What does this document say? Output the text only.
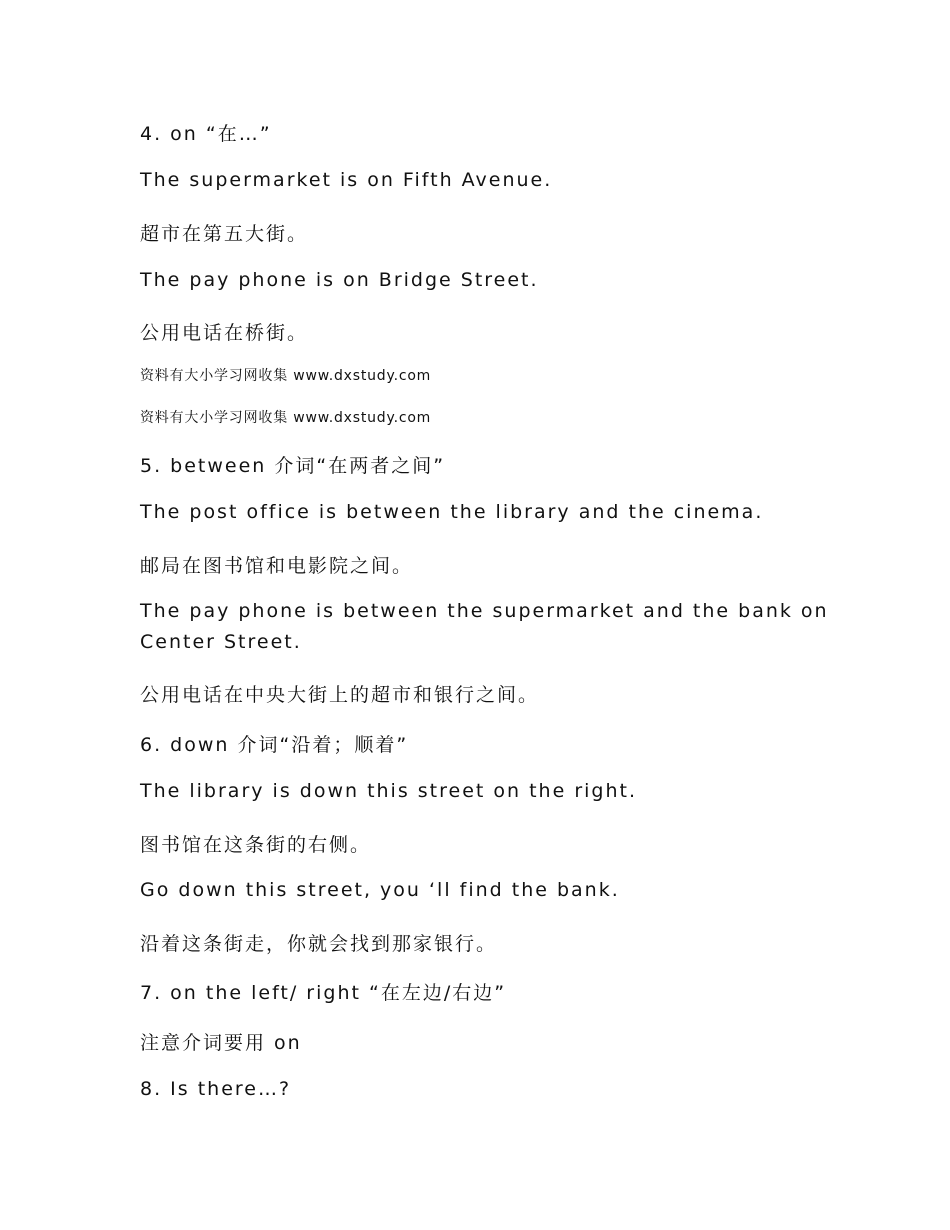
4. on “在…”

The supermarket is on Fifth Avenue.

超市在第五大街。

The pay phone is on Bridge Street.

公用电话在桥街。

资料有大小学习网收集 www.dxstudy.com

资料有大小学习网收集 www.dxstudy.com

5. between 介词“在两者之间”

The post office is between the library and the cinema.

邮局在图书馆和电影院之间。

The pay phone is between the supermarket and the bank on Center Street.

公用电话在中央大街上的超市和银行之间。

6. down 介词“沿着；顺着”

The library is down this street on the right.

图书馆在这条街的右侧。

Go down this street, you ‘ll find the bank.

沿着这条街走，你就会找到那家银行。

7. on the left/ right “在左边/右边”

注意介词要用 on

8. Is there…?
